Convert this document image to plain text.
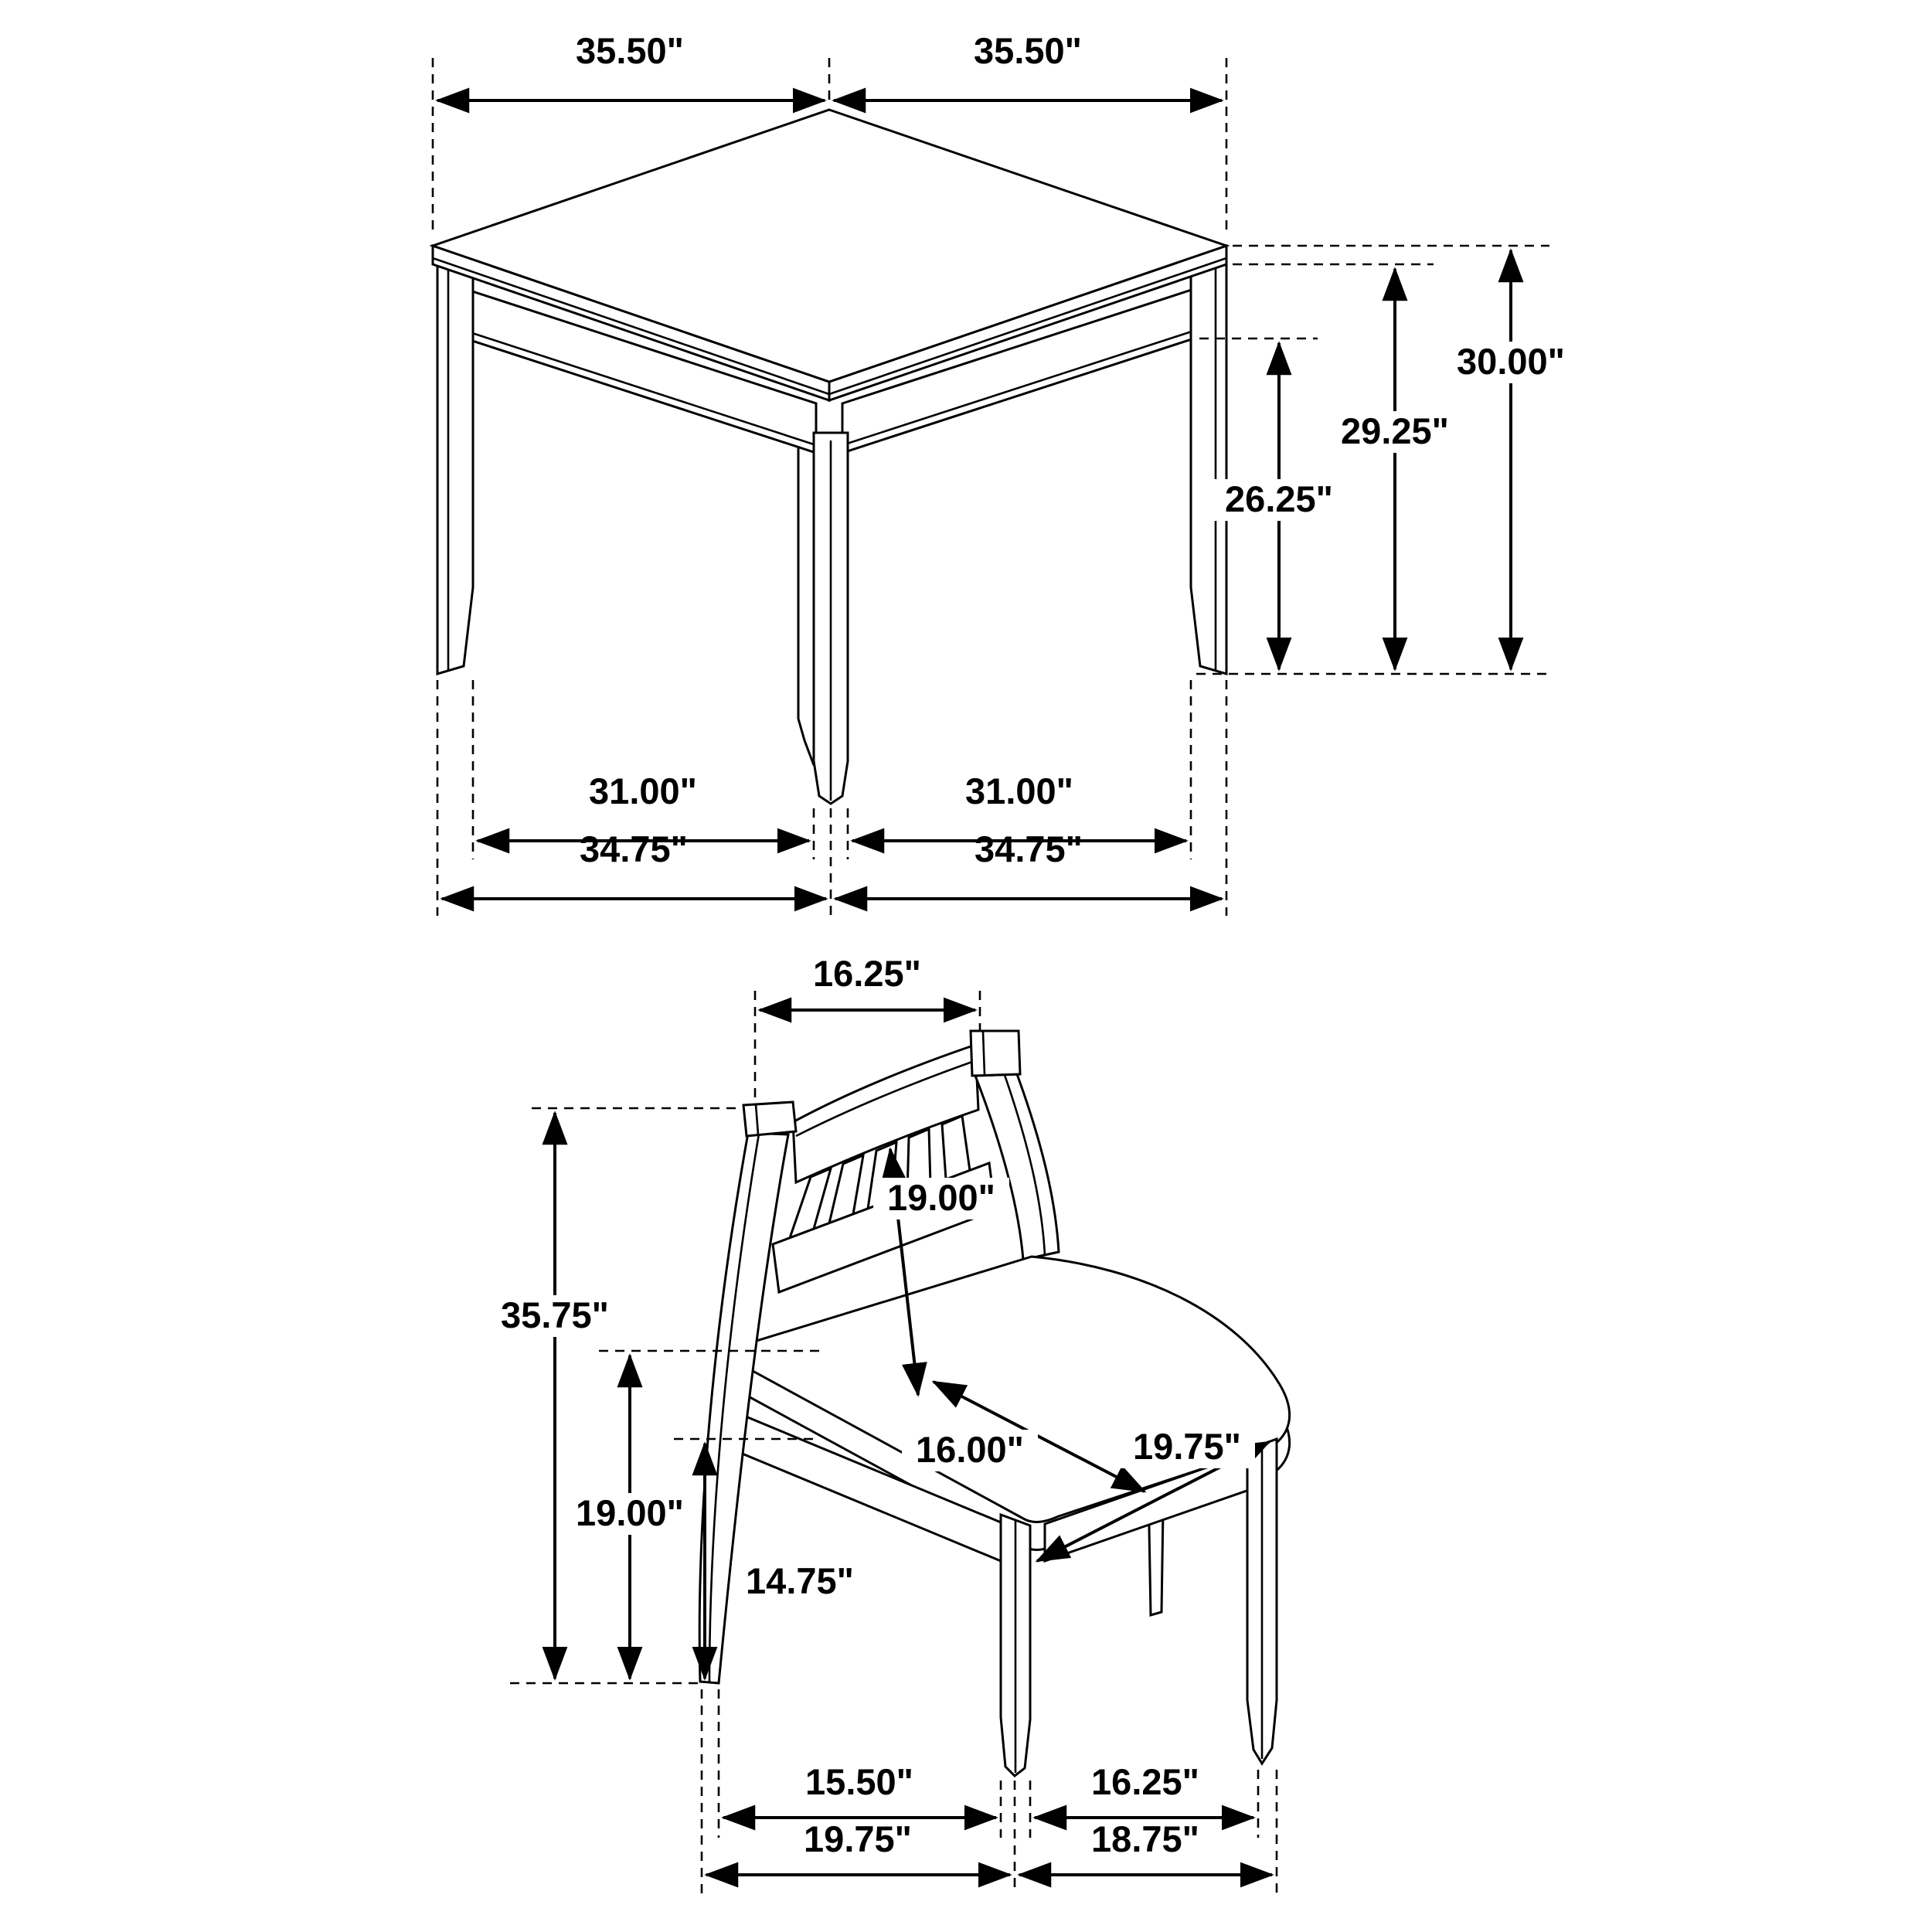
35.50"	35.50"
26.25"
29.25"
30.00"
31.00"	31.00"
34.75"	34.75"
16.25"
19.00"
35.75"
19.00"
14.75"
16.00"	19.75"
15.50"	16.25"
19.75"	18.75"
